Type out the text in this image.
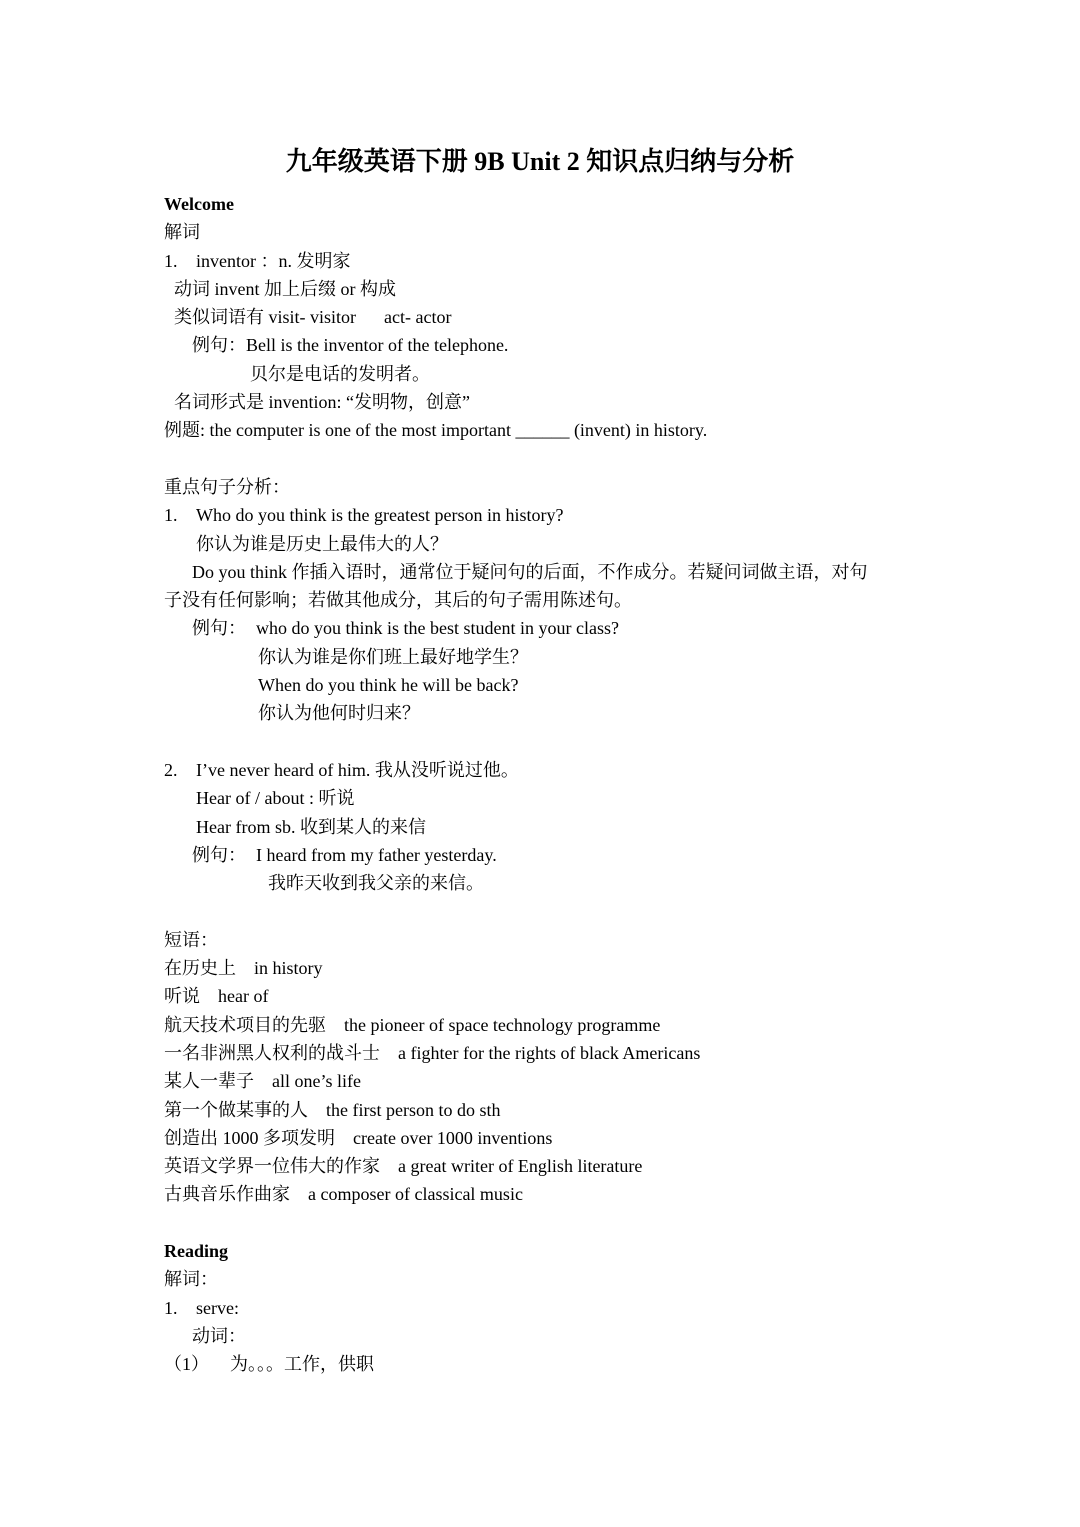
九年级英语下册 9B Unit 2 知识点归纳与分析
Welcome
解词
1. inventor ：n. 发明家
动词 invent 加上后缀 or 构成
类似词语有 visit- visitor act- actor
例句：Bell is the inventor of the telephone.
贝尔是电话的发明者。
名词形式是 invention: “发明物，创意”
例题: the computer is one of the most important ______ (invent) in history.
重点句子分析：
1. Who do you think is the greatest person in history?
你认为谁是历史上最伟大的人？
Do you think 作插入语时，通常位于疑问句的后面，不作成分。若疑问词做主语，对句
子没有任何影响；若做其他成分，其后的句子需用陈述句。
例句： who do you think is the best student in your class?
你认为谁是你们班上最好地学生？
When do you think he will be back?
你认为他何时归来？
2. I’ve never heard of him. 我从没听说过他。
Hear of / about : 听说
Hear from sb. 收到某人的来信
例句： I heard from my father yesterday.
我昨天收到我父亲的来信。
短语：
在历史上 in history
听说 hear of
航天技术项目的先驱 the pioneer of space technology programme
一名非洲黑人权利的战斗士 a fighter for the rights of black Americans
某人一辈子 all one’s life
第一个做某事的人 the first person to do sth
创造出 1000 多项发明 create over 1000 inventions
英语文学界一位伟大的作家 a great writer of English literature
古典音乐作曲家 a composer of classical music
Reading
解词：
1. serve:
动词：
（1） 为。。。工作，供职
